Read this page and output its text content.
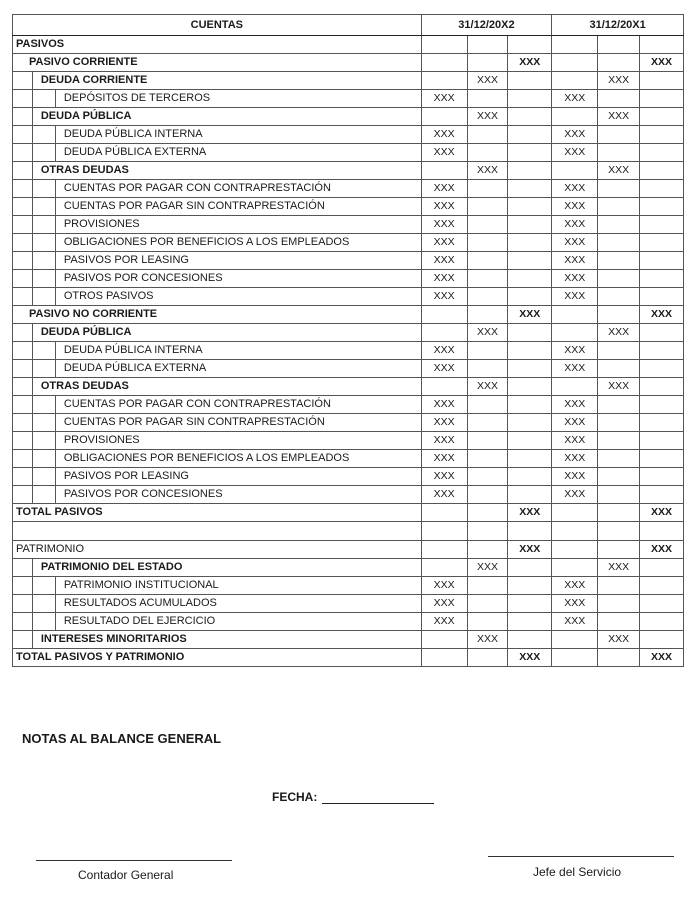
CUENTAS			31/12/20X2			31/12/20X1		
PASIVOS								
PASIVO CORRIENTE					XXX			XXX
	DEUDA CORRIENTE			XXX			XXX	
		DEPÓSITOS DE TERCEROS	XXX			XXX		
	DEUDA PÚBLICA			XXX			XXX	
		DEUDA PÚBLICA INTERNA	XXX			XXX		
		DEUDA PÚBLICA EXTERNA	XXX			XXX		
	OTRAS DEUDAS			XXX			XXX	
		CUENTAS POR PAGAR CON CONTRAPRESTACIÓN	XXX			XXX		
		CUENTAS POR PAGAR SIN CONTRAPRESTACIÓN	XXX			XXX		
		PROVISIONES	XXX			XXX		
		OBLIGACIONES POR BENEFICIOS A LOS EMPLEADOS	XXX			XXX		
		PASIVOS POR LEASING	XXX			XXX		
		PASIVOS POR CONCESIONES	XXX			XXX		
		OTROS PASIVOS	XXX			XXX		
PASIVO NO CORRIENTE					XXX			XXX
	DEUDA PÚBLICA			XXX			XXX	
		DEUDA PÚBLICA INTERNA	XXX			XXX		
		DEUDA PÚBLICA EXTERNA	XXX			XXX		
	OTRAS DEUDAS			XXX			XXX	
		CUENTAS POR PAGAR CON CONTRAPRESTACIÓN	XXX			XXX		
		CUENTAS POR PAGAR SIN CONTRAPRESTACIÓN	XXX			XXX		
		PROVISIONES	XXX			XXX		
		OBLIGACIONES POR BENEFICIOS A LOS EMPLEADOS	XXX			XXX		
		PASIVOS POR LEASING	XXX			XXX		
		PASIVOS POR CONCESIONES	XXX			XXX		
TOTAL PASIVOS					XXX			XXX

PATRIMONIO					XXX			XXX
	PATRIMONIO DEL ESTADO			XXX			XXX	
		PATRIMONIO INSTITUCIONAL	XXX			XXX		
		RESULTADOS ACUMULADOS	XXX			XXX		
		RESULTADO DEL EJERCICIO	XXX			XXX		
	INTERESES MINORITARIOS			XXX			XXX	
TOTAL PASIVOS Y PATRIMONIO					XXX			XXX
NOTAS AL BALANCE GENERAL
FECHA:
Contador General	Jefe del Servicio
